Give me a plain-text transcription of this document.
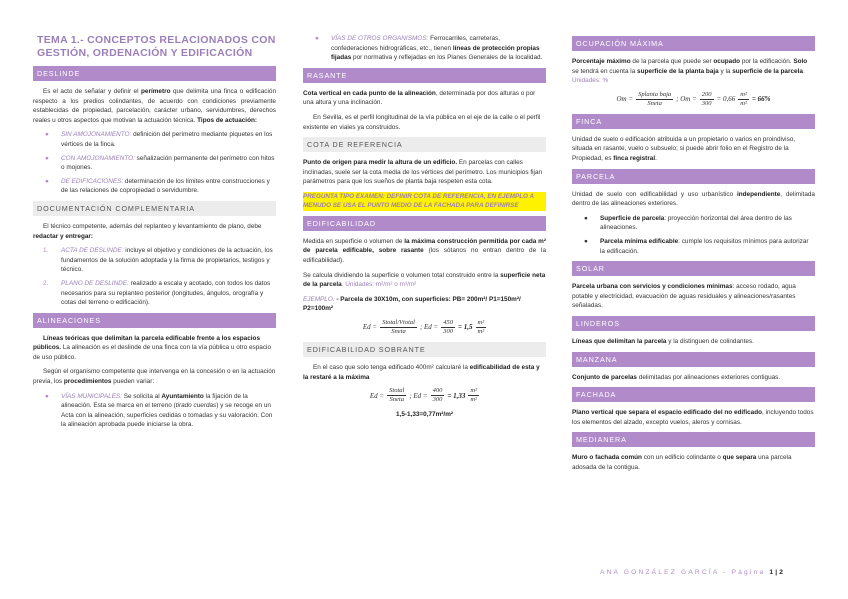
TEMA 1.- CONCEPTOS RELACIONADOS CON GESTIÓN, ORDENACIÓN Y EDIFICACIÓN
DESLINDE

Es el acto de señalar y definir el perímetro que delimita una finca o edificación respecto a los predios colindantes, de acuerdo con condiciones previamente establecidas de propiedad, parcelación, carácter urbano, servidumbres, derechos reales u otros aspectos que motivan la actuación técnica. Tipos de actuación:

● SIN AMOJONAMIENTO: definición del perímetro mediante piquetes en los vértices de la finca.
● CON AMOJONAMIENTO: señalización permanente del perímetro con hitos o mojones.
● DE EDIFICACIONES: determinación de los límites entre construcciones y de las relaciones de copropiedad o servidumbre.
DOCUMENTACIÓN COMPLEMENTARIA

El técnico competente, además del replanteo y levantamiento de plano, debe redactar y entregar:

1. ACTA DE DESLINDE: incluye el objetivo y condiciones de la actuación, los fundamentos de la solución adoptada y la firma de propietarios, testigos y técnico.
2. PLANO DE DESLINDE: realizado a escala y acotado, con todos los datos necesarios para su replanteo posterior (longitudes, ángulos, orografía y cotas del terreno o edificación).
ALINEACIONES

Líneas teóricas que delimitan la parcela edificable frente a los espacios públicos. La alineación es el deslinde de una finca con la vía pública u otro espacio de uso público.

Según el organismo competente que intervenga en la concesión o en la actuación previa, los procedimientos pueden variar:

● VÍAS MUNICIPALES: Se solicita al Ayuntamiento la fijación de la alineación. Esta se marca en el terreno (tirado cuerdas) y se recoge en un Acta con la alineación, superficies cedidas o tomadas y su valoración. Con la alineación aprobada puede iniciarse la obra.
● VÍAS DE OTROS ORGANISMOS: Ferrocarriles, carreteras, confederaciones hidrográficas, etc., tienen líneas de protección propias fijadas por normativa y reflejadas en los Planes Generales de la localidad.
RASANTE

Cota vertical en cada punto de la alineación, determinada por dos alturas o por una altura y una inclinación.

En Sevilla, es el perfil longitudinal de la vía pública en el eje de la calle o el perfil existente en viales ya construidos.

COTA DE REFERENCIA

Punto de origen para medir la altura de un edificio. En parcelas con calles inclinadas, suele ser la cota media de los vértices del perímetro. Los municipios fijan parámetros para que los sueños de planta baja respeten esta cota.

PREGUNTA TIPO EXAMEN: DEFINIR COTA DE REFERENCIA, EN EJEMPLO A MENUDO SE USA EL PUNTO MEDIO DE LA FACHADA PARA DEFINIRSE
EDIFICABILIDAD

Medida en superficie o volumen de la máxima construcción permitida por cada m² de parcela edificable, sobre rasante (los sótanos no entran dentro de la edificabilidad).

Se calcula dividiendo la superficie o volumen total construido entre la superficie neta de la parcela. Unidades: m²/m² o m³/m²

EJEMPLO. - Parcela de 30X10m, con superficies: PB= 200m²/ P1=150m²/ P2=100m²

$Ed = \frac{\text{Stotal/Vtotal}}{\text{Sneta}}$ ; $Ed = \frac{450}{300} = 1,5 \frac{\text{m²}}{\text{m²}}$
EDIFICABILIDAD SOBRANTE

En el caso que solo tenga edificado 400m² calcularé la edificabilidad de esta y la restaré a la máxima

$Ed = \frac{\text{Stotal}}{\text{Sneta}}$ ; $Ed = \frac{400}{300} = 1,33 \frac{\text{m²}}{\text{m²}}$

1,5-1,33=0,77m²/m²

OCUPACIÓN MÁXIMA

Porcentaje máximo de la parcela que puede ser ocupado por la edificación. Solo se tendrá en cuenta la superficie de la planta baja y la superficie de la parcela. Unidades: %

$Om = \frac{\text{Splanta baja}}{\text{Sneta}}$ ; $Om = \frac{200}{300} = 0,66 \frac{\text{m²}}{\text{m²}} = 66\%$
FINCA

Unidad de suelo o edificación atribuida a un propietario o varios en proindiviso, situada en rasante, vuelo o subsuelo; si puede abrir folio en el Registro de la Propiedad, es finca registral.

PARCELA

Unidad de suelo con edificabilidad y uso urbanístico independiente, delimitada dentro de las alineaciones exteriores.

● Superficie de parcela: proyección horizontal del área dentro de las alineaciones.
● Parcela mínima edificable: cumple los requisitos mínimos para autorizar la edificación.
SOLAR

Parcela urbana con servicios y condiciones mínimas: acceso rodado, agua potable y electricidad, evacuación de aguas residuales y alineaciones/rasantes señaladas.

LINDEROS

Líneas que delimitan la parcela y la distinguen de colindantes.

MANZANA

Conjunto de parcelas delimitadas por alineaciones exteriores contiguas.

FACHADA

Plano vertical que separa el espacio edificado del no edificado, incluyendo todos los elementos del alzado, excepto vuelos, aleros y cornisas.

MEDIANERA

Muro o fachada común con un edificio colindante o que separa una parcela adosada de la contigua.

ANA GONZÁLEZ GARCÍA - Página 1|2
